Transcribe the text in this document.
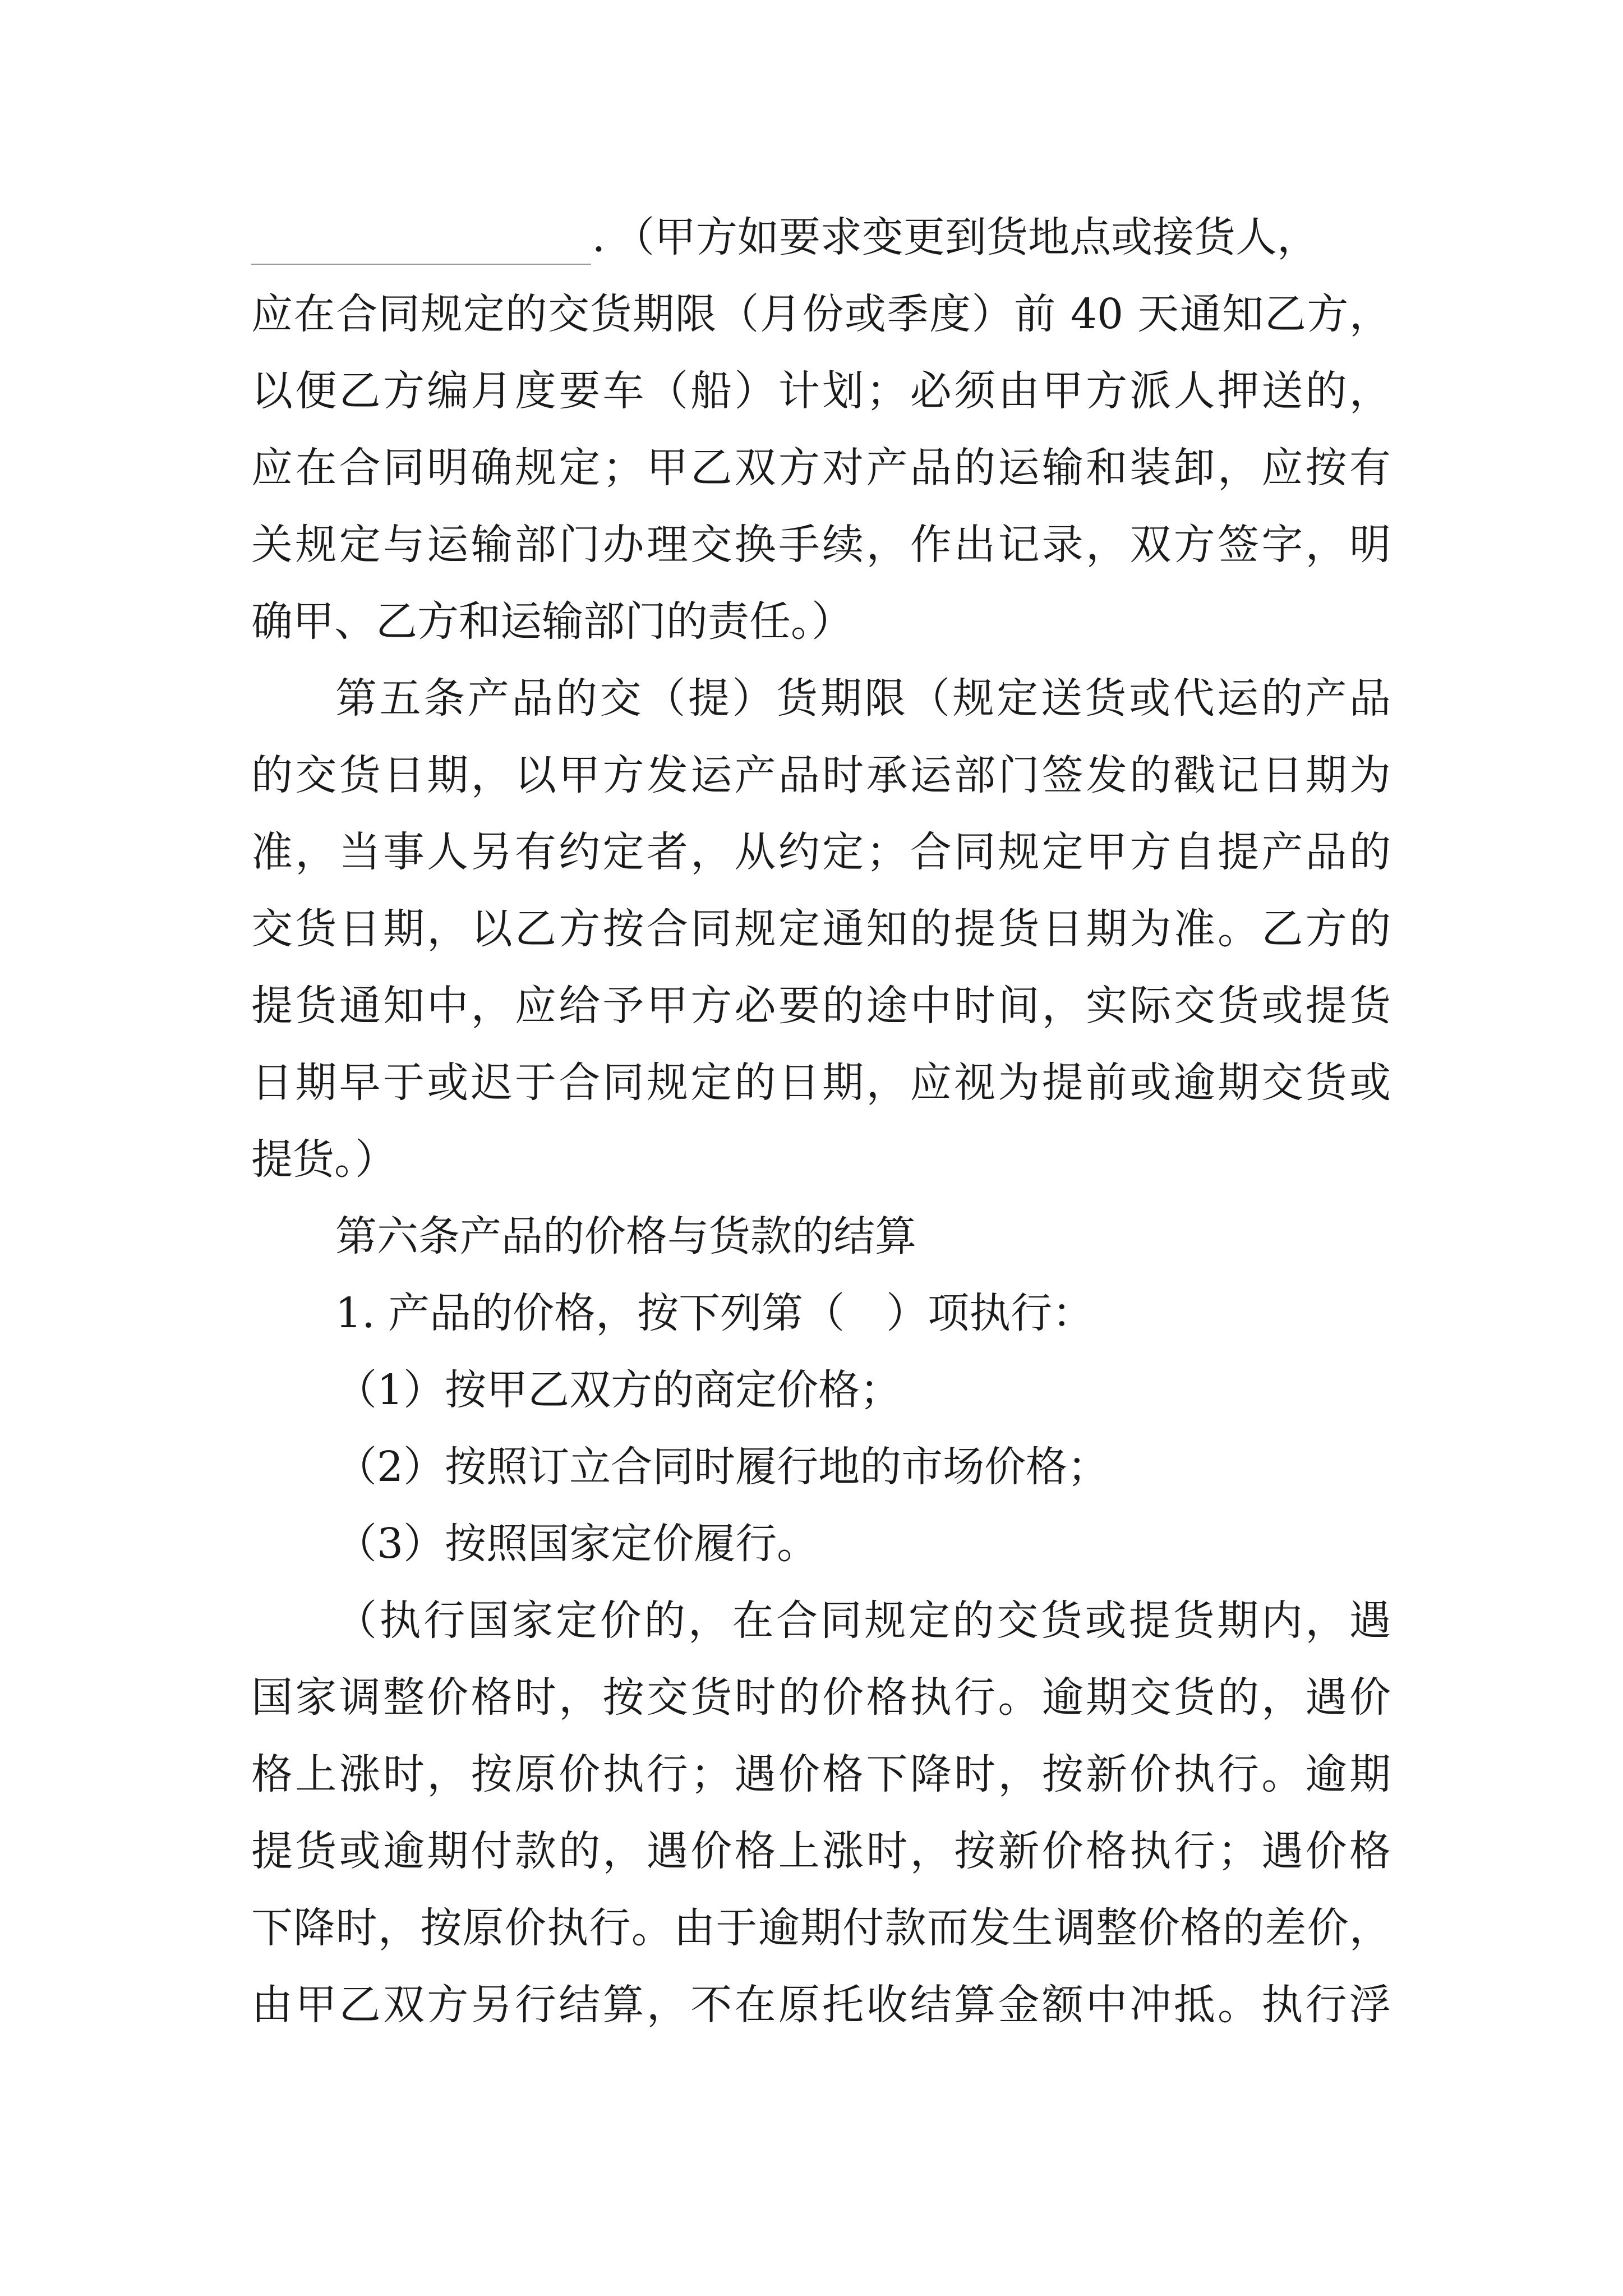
．（甲方如要求变更到货地点或接货人，
应在合同规定的交货期限（月份或季度）前 40 天通知乙方，
以便乙方编月度要车（船）计划；必须由甲方派人押送的，
应在合同明确规定；甲乙双方对产品的运输和装卸，应按有
关规定与运输部门办理交换手续，作出记录，双方签字，明
确甲、乙方和运输部门的责任。）
第五条产品的交（提）货期限（规定送货或代运的产品
的交货日期，以甲方发运产品时承运部门签发的戳记日期为
准，当事人另有约定者，从约定；合同规定甲方自提产品的
交货日期，以乙方按合同规定通知的提货日期为准。乙方的
提货通知中，应给予甲方必要的途中时间，实际交货或提货
日期早于或迟于合同规定的日期，应视为提前或逾期交货或
提货。）
第六条产品的价格与货款的结算
1. 产品的价格，按下列第（　）项执行：
（1）按甲乙双方的商定价格；
（2）按照订立合同时履行地的市场价格；
（3）按照国家定价履行。
（执行国家定价的，在合同规定的交货或提货期内，遇
国家调整价格时，按交货时的价格执行。逾期交货的，遇价
格上涨时，按原价执行；遇价格下降时，按新价执行。逾期
提货或逾期付款的，遇价格上涨时，按新价格执行；遇价格
下降时，按原价执行。由于逾期付款而发生调整价格的差价，
由甲乙双方另行结算，不在原托收结算金额中冲抵。执行浮
